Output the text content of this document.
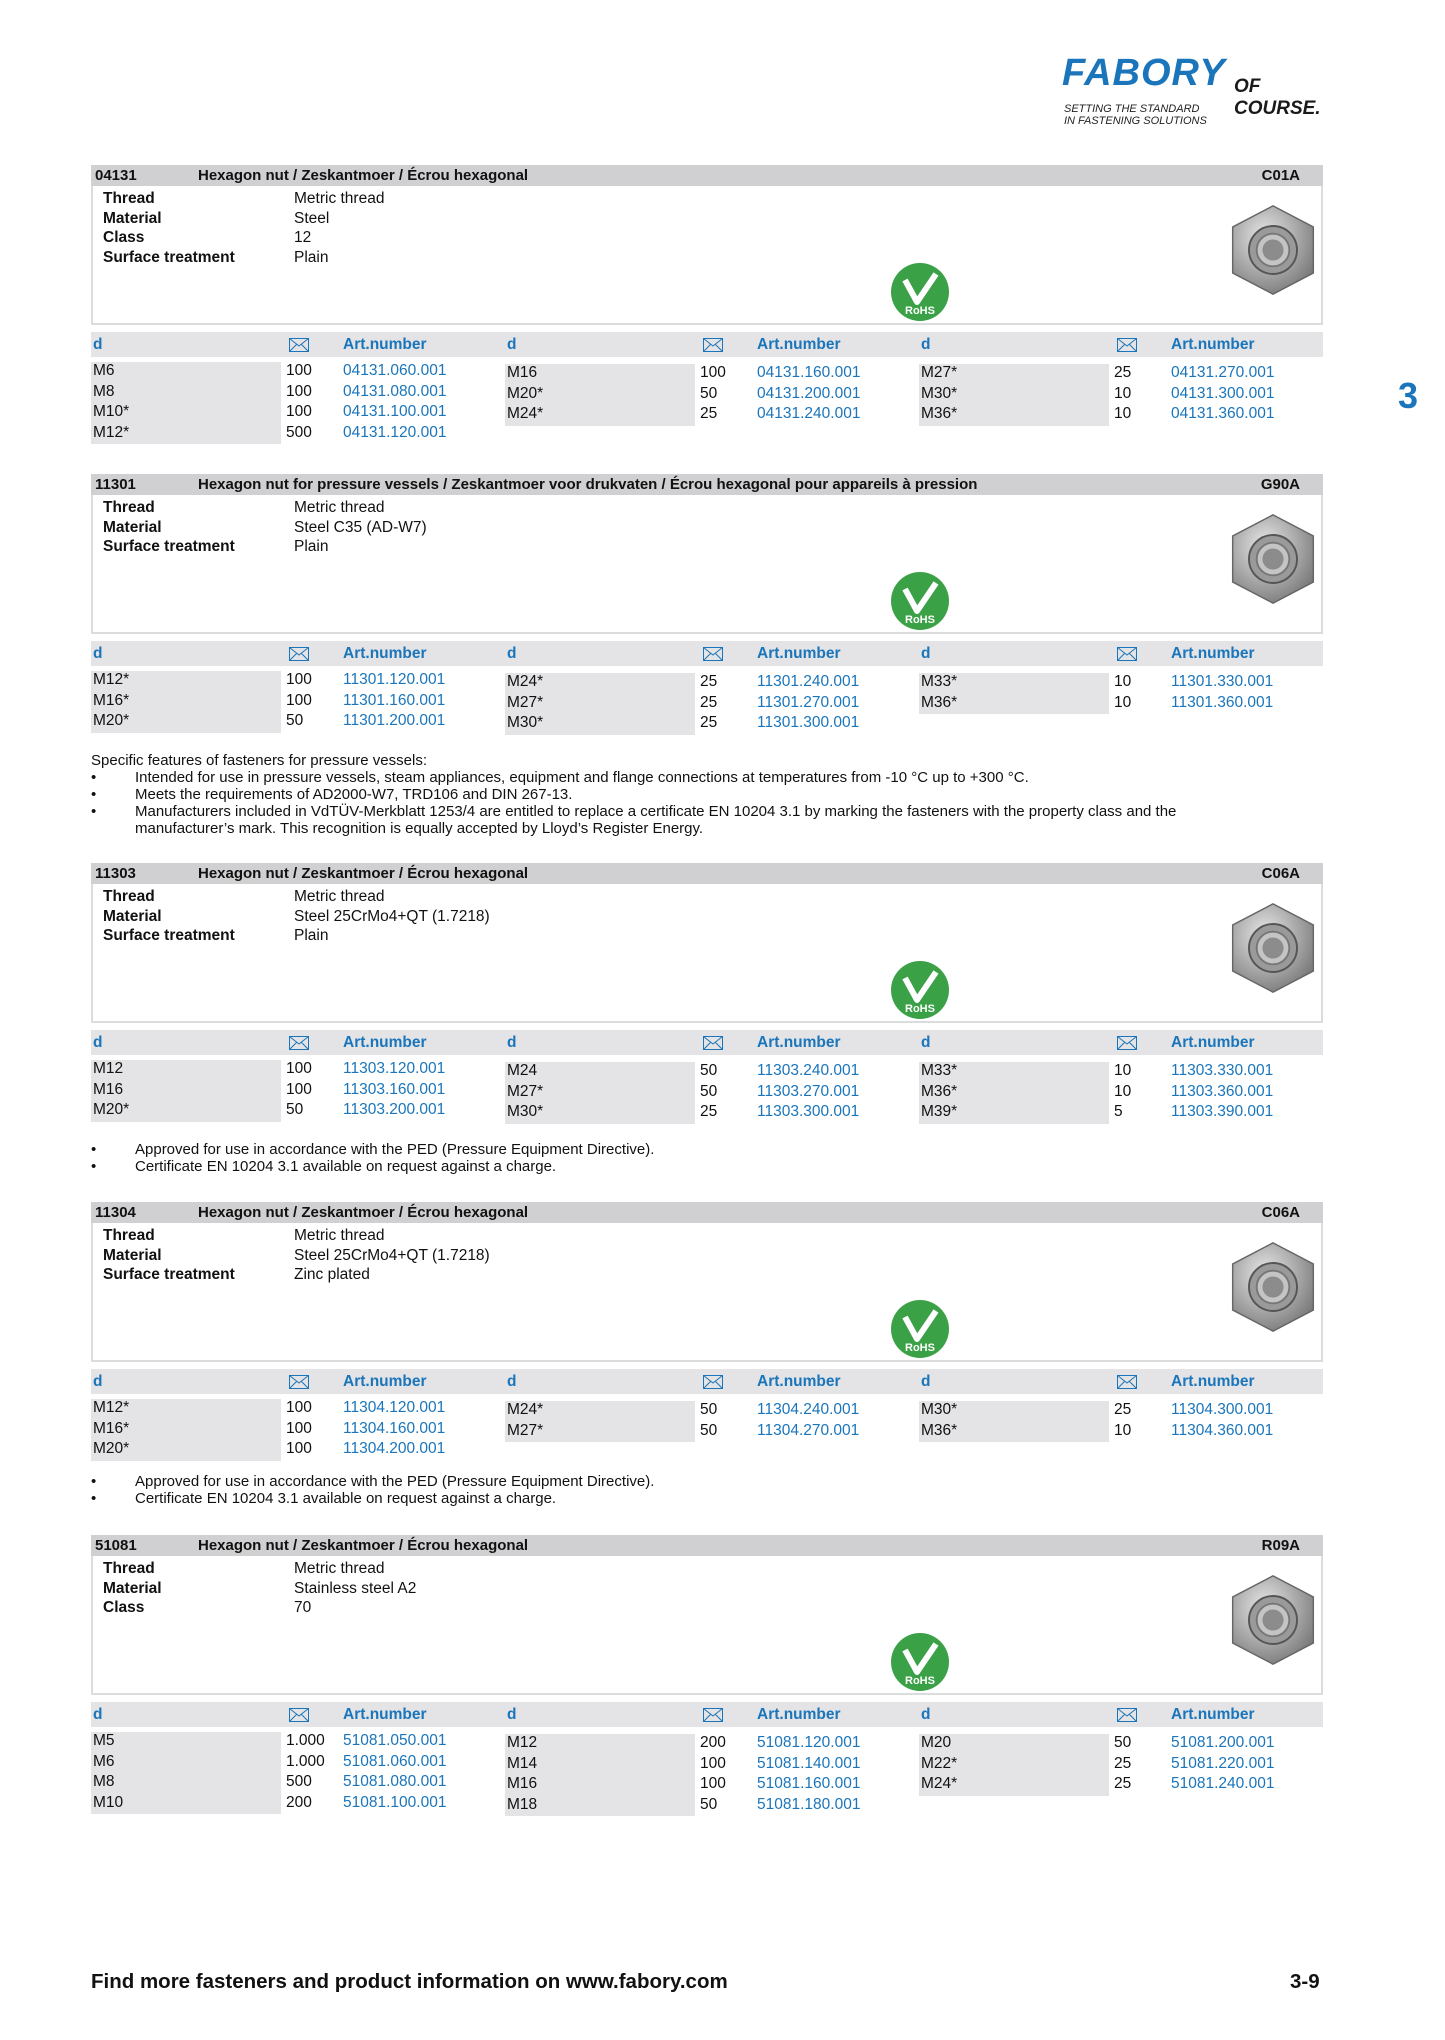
FABORY OF COURSE.
SETTING THE STANDARD
IN FASTENING SOLUTIONS
3
04131	Hexagon nut / Zeskantmoer / Écrou hexagonal	C01A
Thread	Metric thread
Material	Steel
Class	12
Surface treatment	Plain
RoHS
d	Art.number	d	Art.number	d	Art.number
M6	100 04131.060.001
M8	100 04131.080.001
M10*	100 04131.100.001
M12*	500 04131.120.001
M16	100 04131.160.001
M20*	50	04131.200.001
M24*	25	04131.240.001
M27*	25	04131.270.001
M30*	10	04131.300.001
M36*	10	04131.360.001
11301	Hexagon nut for pressure vessels / Zeskantmoer voor drukvaten / Écrou hexagonal pour appareils à pression	G90A
Thread	Metric thread
Material	Steel C35 (AD-W7)
Surface treatment	Plain
RoHS
d	Art.number	d	Art.number	d	Art.number
M12*	100 11301.120.001
M16*	100 11301.160.001
M20*	50	11301.200.001
M24*	25	11301.240.001
M27*	25	11301.270.001
M30*	25	11301.300.001
M33*	10	11301.330.001
M36*	10	11301.360.001
11303	Hexagon nut / Zeskantmoer / Écrou hexagonal	C06A
Thread	Metric thread
Material	Steel 25CrMo4+QT (1.7218)
Surface treatment	Plain
RoHS
d	Art.number	d	Art.number	d	Art.number
M12	100 11303.120.001
M16	100 11303.160.001
M20*	50	11303.200.001
M24	50	11303.240.001
M27*	50	11303.270.001
M30*	25	11303.300.001
M33*	10	11303.330.001
M36*	10	11303.360.001
M39*	5	11303.390.001
11304	Hexagon nut / Zeskantmoer / Écrou hexagonal	C06A
Thread	Metric thread
Material	Steel 25CrMo4+QT (1.7218)
Surface treatment	Zinc plated
RoHS
d	Art.number	d	Art.number	d	Art.number
M12*	100 11304.120.001
M16*	100 11304.160.001
M20*	100 11304.200.001
M24*	50	11304.240.001
M27*	50	11304.270.001
M30*	25	11304.300.001
M36*	10	11304.360.001
51081	Hexagon nut / Zeskantmoer / Écrou hexagonal	R09A
Thread	Metric thread
Material	Stainless steel A2
Class	70
RoHS
d	Art.number	d	Art.number	d	Art.number
M5	1.000 51081.050.001
M6	1.000 51081.060.001
M8	500 51081.080.001
M10	200 51081.100.001
M12	200 51081.120.001
M14	100 51081.140.001
M16	100 51081.160.001
M18	50	51081.180.001
M20	50	51081.200.001
M22*	25	51081.220.001
M24*	25	51081.240.001
Specific features of fasteners for pressure vessels:
•	Intended for use in pressure vessels, steam appliances, equipment and flange connections at temperatures from -10 °C up to +300 °C.
•	Meets the requirements of AD2000-W7, TRD106 and DIN 267-13.
•	Manufacturers included in VdTÜV-Merkblatt 1253/4 are entitled to replace a certificate EN 10204 3.1 by marking the fasteners with the property class and the
manufacturer’s mark. This recognition is equally accepted by Lloyd’s Register Energy.
•	Approved for use in accordance with the PED (Pressure Equipment Directive).
•	Certificate EN 10204 3.1 available on request against a charge.
•	Approved for use in accordance with the PED (Pressure Equipment Directive).
•	Certificate EN 10204 3.1 available on request against a charge.
Find more fasteners and product information on www.fabory.com	3-9
